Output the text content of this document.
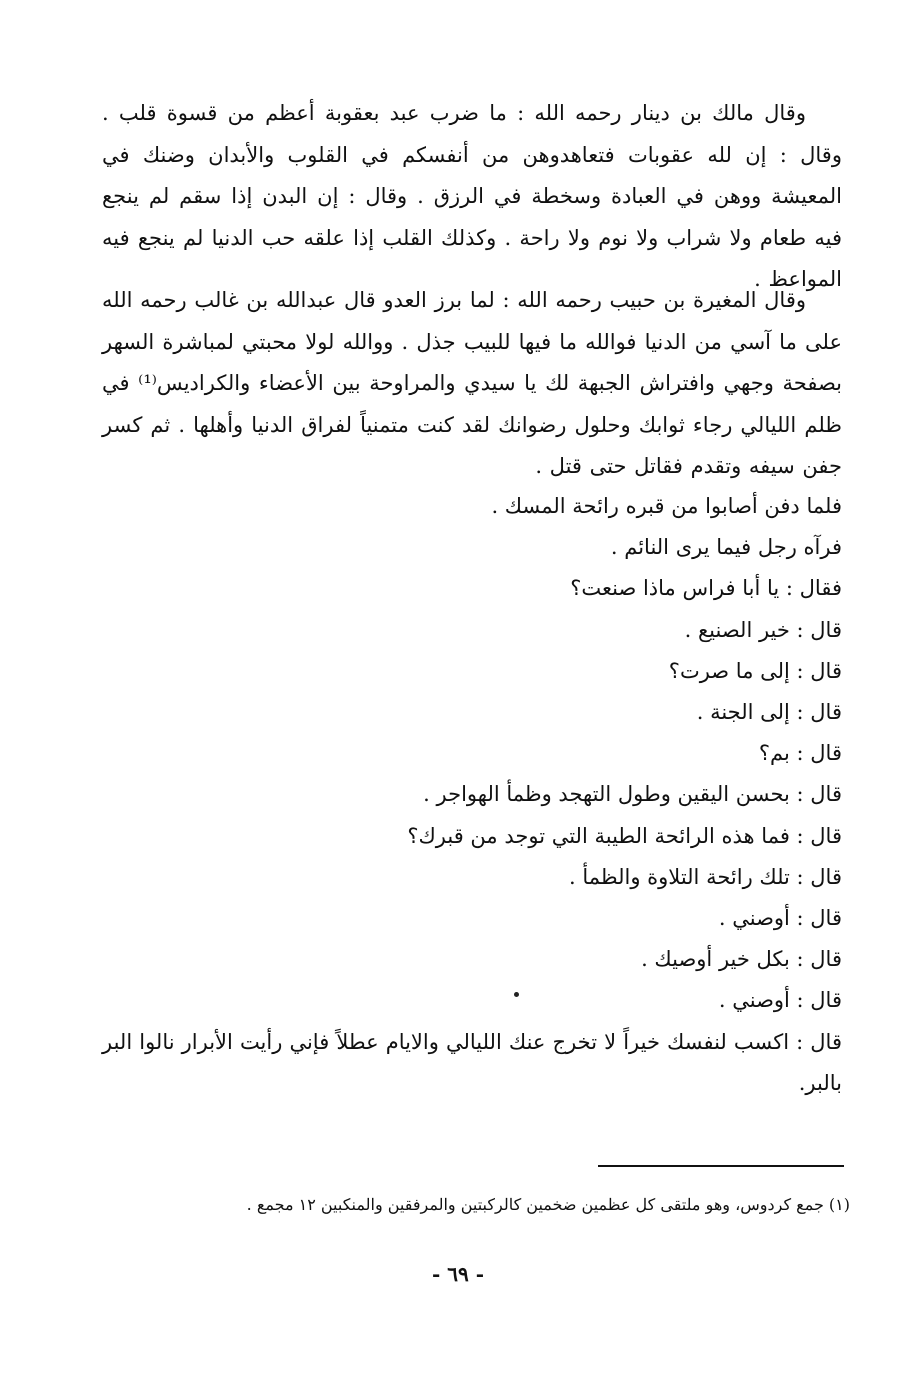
وقال مالك بن دينار رحمه الله : ما ضرب عبد بعقوبة أعظم من قسوة قلب . وقال : إن لله عقوبات فتعاهدوهن من أنفسكم في القلوب والأبدان وضنك في المعيشة ووهن في العبادة وسخطة في الرزق . وقال : إن البدن إذا سقم لم ينجع فيه طعام ولا شراب ولا نوم ولا راحة . وكذلك القلب إذا علقه حب الدنيا لم ينجع فيه المواعظ .

وقال المغيرة بن حبيب رحمه الله : لما برز العدو قال عبدالله بن غالب رحمه الله على ما آسي من الدنيا فوالله ما فيها للبيب جذل . ووالله لولا محبتي لمباشرة السهر بصفحة وجهي وافتراش الجبهة لك يا سيدي والمراوحة بين الأعضاء والكراديس⁽¹⁾ في ظلم الليالي رجاء ثوابك وحلول رضوانك لقد كنت متمنياً لفراق الدنيا وأهلها . ثم كسر جفن سيفه وتقدم فقاتل حتى قتل .

فلما دفن أصابوا من قبره رائحة المسك .
فرآه رجل فيما يرى النائم .
فقال : يا أبا فراس ماذا صنعت؟
قال : خير الصنيع .
قال : إلى ما صرت؟
قال : إلى الجنة .
قال : بم؟
قال : بحسن اليقين وطول التهجد وظمأ الهواجر .
قال : فما هذه الرائحة الطيبة التي توجد من قبرك؟
قال : تلك رائحة التلاوة والظمأ .
قال : أوصني .
قال : بكل خير أوصيك .
قال : أوصني .
قال : اكسب لنفسك خيراً لا تخرج عنك الليالي والايام عطلاً فإني رأيت الأبرار نالوا البر بالبر.
(١) جمع كردوس، وهو ملتقى كل عظمين ضخمين كالركبتين والمرفقين والمنكبين ١٢ مجمع .
- ٦٩ -
